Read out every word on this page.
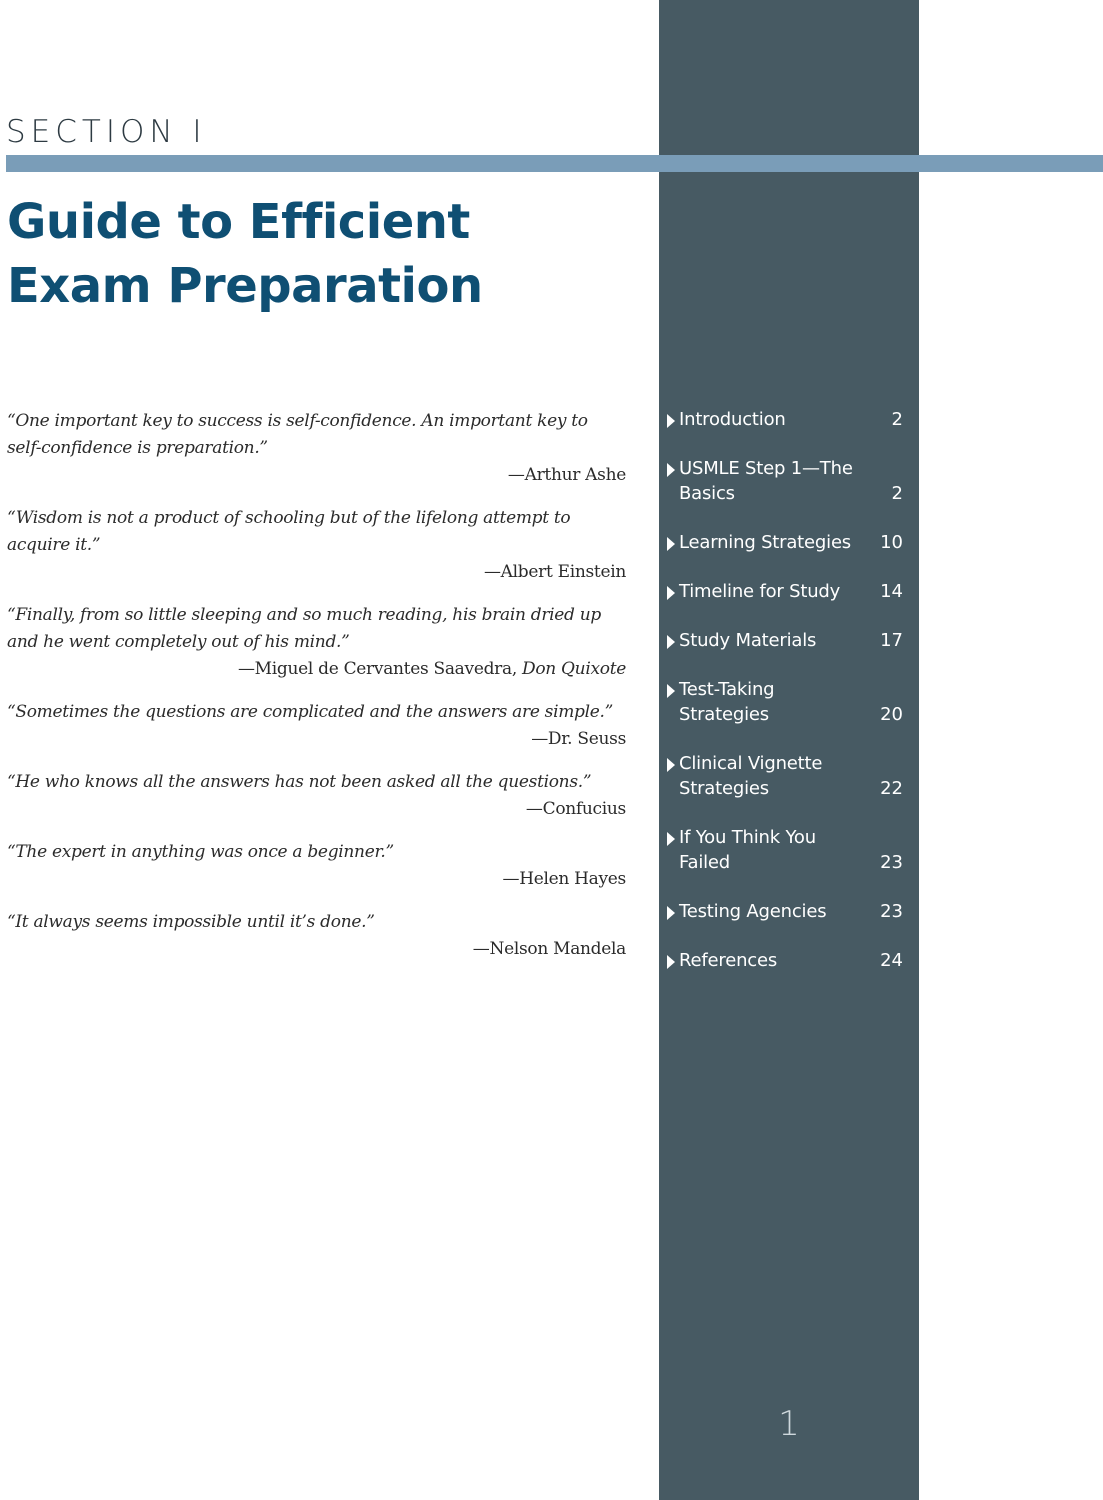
SECTION I
Guide to Efficient
Exam Preparation
“One important key to success is self-confidence. An important key to self-confidence is preparation.”
—Arthur Ashe
“Wisdom is not a product of schooling but of the lifelong attempt to acquire it.”
—Albert Einstein
“Finally, from so little sleeping and so much reading, his brain dried up and he went completely out of his mind.”
—Miguel de Cervantes Saavedra, Don Quixote
“Sometimes the questions are complicated and the answers are simple.”
—Dr. Seuss
“He who knows all the answers has not been asked all the questions.”
—Confucius
“The expert in anything was once a beginner.”
—Helen Hayes
“It always seems impossible until it’s done.”
—Nelson Mandela
Introduction	2
USMLE Step 1—The Basics	2
Learning Strategies	10
Timeline for Study	14
Study Materials	17
Test-Taking Strategies	20
Clinical Vignette Strategies	22
If You Think You Failed	23
Testing Agencies	23
References	24
1
